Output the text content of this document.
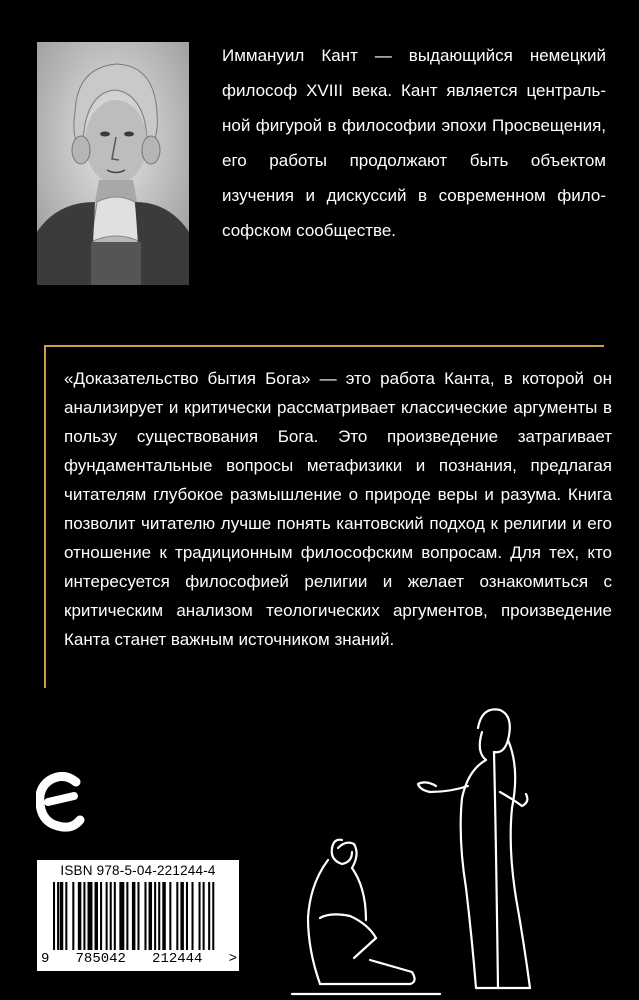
Иммануил Кант — выдающийся немецкий философ XVIII века. Кант является центральной фигурой в философии эпохи Просвещения, его работы продолжают быть объектом изучения и дискуссий в современном философском сообществе.

«Доказательство бытия Бога» — это работа Канта, в которой он анализирует и критически рассматривает классические аргументы в пользу существования Бога. Это произведение затрагивает фундаментальные вопросы метафизики и познания, предлагая читателям глубокое размышление о природе веры и разума. Книга позволит читателю лучше понять кантовский подход к религии и его отношение к традиционным философским вопросам. Для тех, кто интересуется философией религии и желает ознакомиться с критическим анализом теологических аргументов, произведение Канта станет важным источником знаний.

ISBN 978-5-04-221244-4
9 785042 212444 >
